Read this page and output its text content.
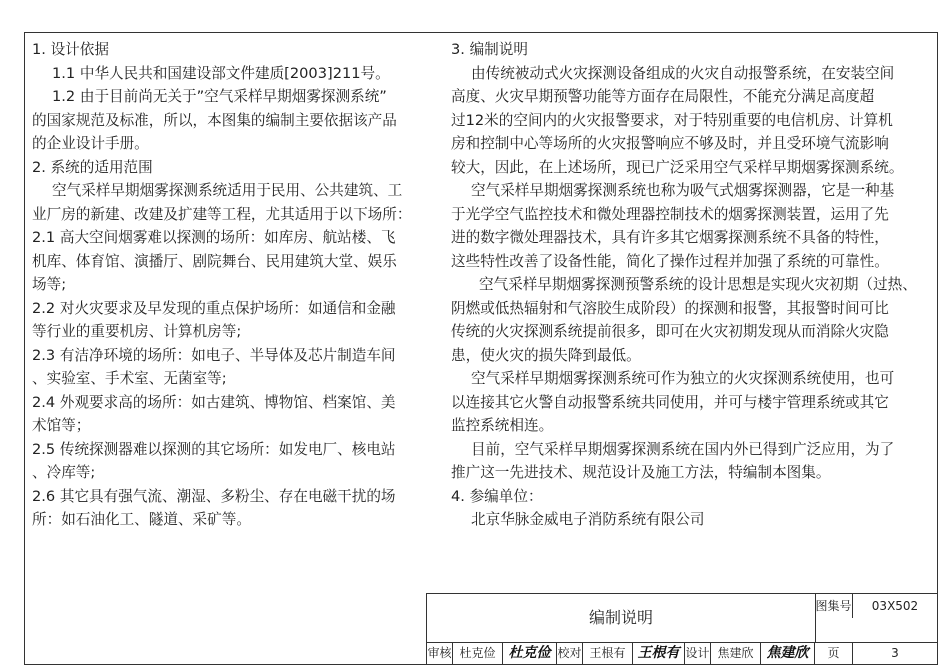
1. 设计依据

1.1 中华人民共和国建设部文件建质[2003]211号。

1.2 由于目前尚无关于”空气采样早期烟雾探测系统”

的国家规范及标准，所以，本图集的编制主要依据该产品

的企业设计手册。

2. 系统的适用范围

空气采样早期烟雾探测系统适用于民用、公共建筑、工

业厂房的新建、改建及扩建等工程，尤其适用于以下场所：

2.1 高大空间烟雾难以探测的场所：如库房、航站楼、飞

机库、体育馆、演播厅、剧院舞台、民用建筑大堂、娱乐

场等;

2.2 对火灾要求及早发现的重点保护场所：如通信和金融

等行业的重要机房、计算机房等;

2.3 有洁净环境的场所：如电子、半导体及芯片制造车间

、实验室、手术室、无菌室等;

2.4 外观要求高的场所：如古建筑、博物馆、档案馆、美

术馆等；

2.5 传统探测器难以探测的其它场所：如发电厂、核电站

、冷库等;

2.6 其它具有强气流、潮湿、多粉尘、存在电磁干扰的场

所：如石油化工、隧道、采矿等。

3. 编制说明

由传统被动式火灾探测设备组成的火灾自动报警系统，在安装空间

高度、火灾早期预警功能等方面存在局限性，不能充分满足高度超

过12米的空间内的火灾报警要求，对于特别重要的电信机房、计算机

房和控制中心等场所的火灾报警响应不够及时，并且受环境气流影响

较大，因此，在上述场所，现已广泛采用空气采样早期烟雾探测系统。

空气采样早期烟雾探测系统也称为吸气式烟雾探测器，它是一种基

于光学空气监控技术和微处理器控制技术的烟雾探测装置，运用了先

进的数字微处理器技术，具有许多其它烟雾探测系统不具备的特性，

这些特性改善了设备性能，简化了操作过程并加强了系统的可靠性。

空气采样早期烟雾探测预警系统的设计思想是实现火灾初期（过热、

阴燃或低热辐射和气溶胶生成阶段）的探测和报警，其报警时间可比

传统的火灾探测系统提前很多，即可在火灾初期发现从而消除火灾隐

患，使火灾的损失降到最低。

空气采样早期烟雾探测系统可作为独立的火灾探测系统使用，也可

以连接其它火警自动报警系统共同使用，并可与楼宇管理系统或其它

监控系统相连。

目前，空气采样早期烟雾探测系统在国内外已得到广泛应用，为了

推广这一先进技术、规范设计及施工方法，特编制本图集。

4. 参编单位：

北京华脉金威电子消防系统有限公司

编制说明
图集号	03X502
审核 杜克俭 杜克俭 校对 王根有 王根有 设计 焦建欣 焦建欣	页	3
